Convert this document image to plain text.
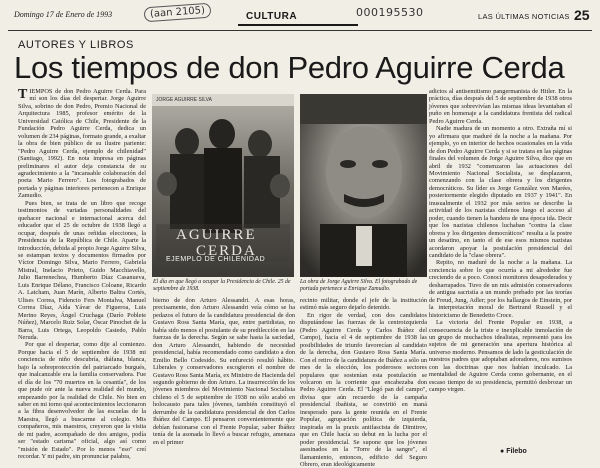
Domingo 17 de Enero de 1993	(aan 2105)	CULTURA	000195530	LAS ÚLTIMAS NOTICIAS 25
AUTORES Y LIBROS
Los tiempos de don Pedro Aguirre Cerda
T IEMPOS de don Pedro Aguirre Cerda. Para mí son los días del despertar. Jorge Aguirre Silva, sobrino de don Pedro, Premio Nacional de Arquitectura 1985, profesor emérito de la Universidad Católica de Chile, Presidente de la Fundación Pedro Aguirre Cerda, dedica un volumen de 234 páginas, formato grande, a exaltar la obra de bien público de su ilustre pariente: "Pedro Aguirre Cerda, ejemplo de chilenidad" (Santiago, 1992). En nota impresa en páginas preliminares el autor deja constancia de su agradecimiento a la "incansable colaboración del poeta Mario Ferrero". Los fotograbados de portada y páginas interiores pertenecen a Enrique Zamudio.

Pues bien, se trata de un libro que recoge testimonios de variadas personalidades del quehacer nacional e internacional acerca del educador que el 25 de octubre de 1938 llegó a ocupar, después de unas reñidas elecciones, la Presidencia de la República de Chile. Aparte la introducción, debida al propio Jorge Aguirre Silva, se estampan textos y documentos firmados por Víctor Domingo Silva, Mario Ferrero, Gabriela Mistral, Inelacio Prieto, Guido Macchiavello, Julio Barrenechea, Humberto Díaz Casanueva, Luis Enrique Délano, Francisco Coloane, Ricardo A. Latcham, Juan Marín, Alberto Baltra Cortés, Ulises Correa, Fidencio Fers Montalva, Manuel Correa Díaz, Aída Yávar de Figueroa, Luis Merino Reyes, Ángel Cruchaga (Darío Poblete Núñez), Marcelo Ruiz Solar, Óscar Pinochet de la Barra, Luis Ortega, Leopoldo Castedo, Pablo Neruda.

Por que el despertar, como dije al comienzo. Porque hacia el 5 de septiembre de 1938 mi conciencia de niño descubría, diáfana, blanca, bajo la sobreprotección del patriarcado burgués, que inalcanzable era la familia conservadora. Fue el día de los "70 muertos en la cesantía", de los que pude oír ante la nueva realidad del mundo, empezando por la realidad de Chile. No bien en saber en mi torno qué acontecimientos leccionaron a la fibra desenvolvedor de las escuelas de la Maestra, llegó a buscarme al colegio. Mis compañeros, mis maestros, creyeron que la visita de mi padre, acompañado de dos amigos, podía ser "estado carisma" oficial, algo así como "misión de Estado". Por lo menos "eso" creí recordar. Y mi padre, sin pronunciar palabra,

JORGE AGUIRRE SILVA
AGUIRRE
CERDA
EJEMPLO DE CHILENIDAD
El día en que llegó a ocupar la Presidencia de Chile. 25 de septiembre de 1938.
La obra de Jorge Aguirre Silva. El fotograbado de portada pertenece a Enrique Zamudio.

bierno de don Arturo Alessandri. A esas horas, precisamente, don Arturo Alessandri veía cómo se ha pedazos el futuro de la candidatura presidencial de don Gustavo Ross Santa María, que, entre partidistas, no había sido menos el postulante de su predilección en las fuerzas de la derecha. Según se sabe hasta la saciedad, don Arturo Alessandri, habiendo de necesidad presidencial, había recomendado como candidato a don Emilio Bello Codesido. Su enfureció resultó hábito. Liberales y conservadores escogieron el nombre de Gustavo Ross Santa María, ex Ministro de Hacienda del segundo gobierno de don Arturo. La insurrección de los jóvenes miembros del Movimiento Nacional Socialista chileno el 5 de septiembre de 1938 no sólo acabó en holocausto para tales jóvenes, también constituyó el derrumbe de la candidatura presidencial de don Carlos Ibáñez del Campo. El pensaron convenientemente que debían fusionarse con el Frente Popular, saber Ibáñez tenía de la asonada lo llevó a buscar refugio, amenaza en el primer

recinto militar, donde el jefe de la institución estimó más seguro dejarlo detenido.

En rigor de verdad, con dos candidatos disputándose las fuerzas de la centroizquierda (Pedro Aguirre Cerda y Carlos Ibáñez del Campo), hacia el 4 de septiembre de 1938 las posibilidades de triunfo favorecían al candidato de la derecha, don Gustavo Ross Santa María. Con el retiro de la candidatura de Ibáñez a sólo un mes de la elección, los poderosos sectores populares que sostenían esta postulación se volcaron en la corriente que encabezaba don Pedro Aguirre Cerda. El "Llegó pan del campo", divisa que aún recuerdo de la campaña presidencial ibañista, se convirtió en maná inesperado para la gente reunida en el Frente Popular, agrupación política de izquierda, inspirada en la praxis antifascista de Dimitrov, que en Chile hacía su debut en la lucha por el poder presidencial. Se supone que los jóvenes asesinados en la "Torre de la sangre", el llamamiento, entonces, edificio del Seguro Obrero, eran ideológicamente

adictos al antisemitismo pangermanista de Hitler. En la práctica, días después del 5 de septiembre de 1938 otros jóvenes que sobrevivían las mismas ideas levantaban el puño en homenaje a la candidatura frentista del radical Pedro Aguirre Cerda.

Nadie madura de un momento a otro. Extraña mí si yo afirmara que maduré de la noche a la mañana. Por ejemplo, yo en interior de hechos ocasionales en la vida de don Pedro Aguirre Cerda y si se tratara en las páginas finales del volumen de Jorge Aguirre Silva, dice que en abril de 1932 "comenzaron las actuaciones del Movimiento Nacional Socialista, se desplazaron, comenzando con la clase obrera y los dirigentes democráticos. Su líder es Jorge González von Marées, posteriormente elegido diputado en 1937 y 1941". En inusualmente el 1932 por más serios se describe la actividad de los nazistas chilenos luego el acceso al poder, cuando tienen la bandera de una época ida. Decir que los nazistas chilenos luchaban "contra la clase obrera y los dirigentes democráticos" resulta a la postre un desatino, en tanto el de ese esos mismos nazistas acordaron apoyar la postulación presidencial del candidato de la "clase obrera".

Repito, no maduré de la noche a la mañana. La conciencia sobre lo que ocurría a mi alrededor fue creciendo de a poco. Conocí monitores desapoderados y desharrapados. Tuvo de un mis admisión conservadores de antigua sacristía a un mundo prebado por las teorías de Freud, Jung, Adler; por los hallazgos de Einstein, por la interpretación moral de Bertrand Russell y el historicismo de Benedetto Croce.

La victoria del Frente Popular en 1938, a consecuencia de la triste e inexplicable inmolación de un grupo de muchachos idealistas, representó para los sujetos de mi generación una apertura histórica al universo moderno. Pensamos de lado la gesticulación de nuestros padres que adoptaban adoradores, nos sumisos con las doctrinas que nos habían inculcado. La mentalidad de Aguirre Cerda como gobernante, en el escaso tiempo de su presidencia, permitió desbrozar un campo virgen.

● Filebo
